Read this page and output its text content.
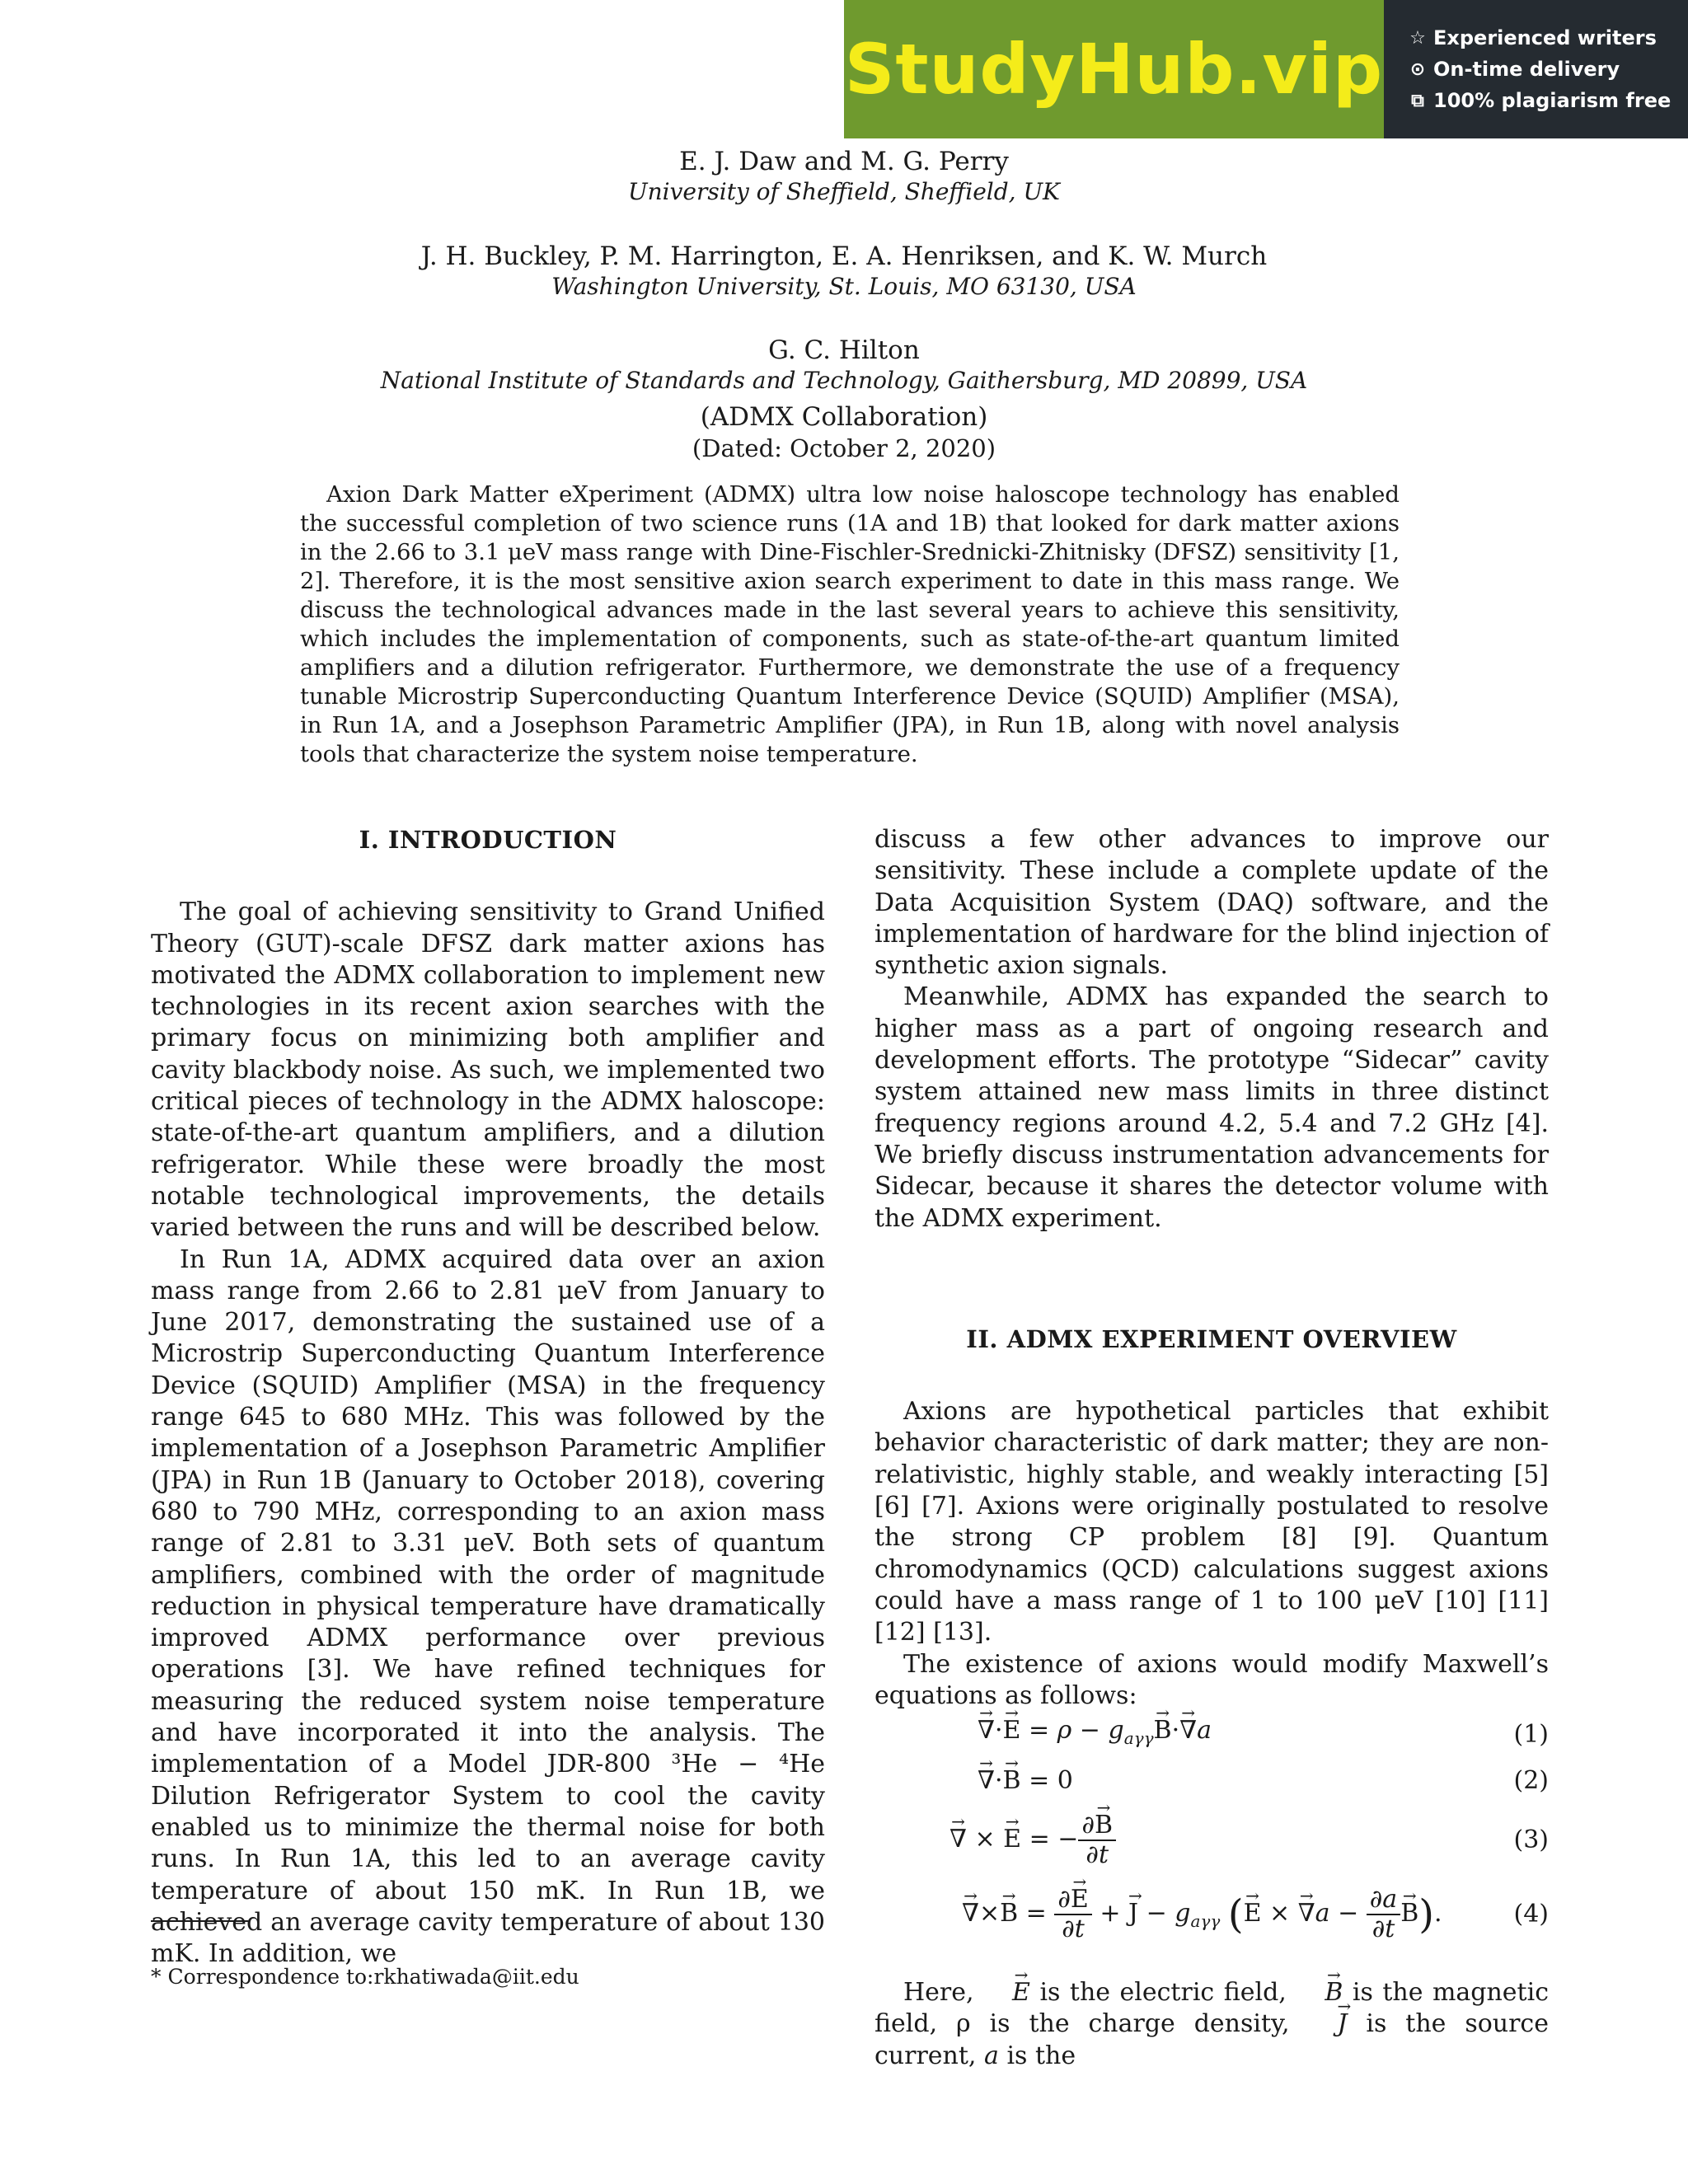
StudyHub.vip ☆ Experienced writers
⊙ On-time delivery
⧉ 100% plagiarism free
E. J. Daw and M. G. Perry
University of Sheffield, Sheffield, UK
J. H. Buckley, P. M. Harrington, E. A. Henriksen, and K. W. Murch
Washington University, St. Louis, MO 63130, USA
G. C. Hilton
National Institute of Standards and Technology, Gaithersburg, MD 20899, USA
(ADMX Collaboration)
(Dated: October 2, 2020)

Axion Dark Matter eXperiment (ADMX) ultra low noise haloscope technology has enabled the successful completion of two science runs (1A and 1B) that looked for dark matter axions in the 2.66 to 3.1 μeV mass range with Dine-Fischler-Srednicki-Zhitnisky (DFSZ) sensitivity [1, 2]. Therefore, it is the most sensitive axion search experiment to date in this mass range. We discuss the technological advances made in the last several years to achieve this sensitivity, which includes the implementation of components, such as state-of-the-art quantum limited amplifiers and a dilution refrigerator. Furthermore, we demonstrate the use of a frequency tunable Microstrip Superconducting Quantum Interference Device (SQUID) Amplifier (MSA), in Run 1A, and a Josephson Parametric Amplifier (JPA), in Run 1B, along with novel analysis tools that characterize the system noise temperature.

I. INTRODUCTION

The goal of achieving sensitivity to Grand Unified Theory (GUT)-scale DFSZ dark matter axions has motivated the ADMX collaboration to implement new technologies in its recent axion searches with the primary focus on minimizing both amplifier and cavity blackbody noise. As such, we implemented two critical pieces of technology in the ADMX haloscope: state-of-the-art quantum amplifiers, and a dilution refrigerator. While these were broadly the most notable technological improvements, the details varied between the runs and will be described below.

In Run 1A, ADMX acquired data over an axion mass range from 2.66 to 2.81 μeV from January to June 2017, demonstrating the sustained use of a Microstrip Superconducting Quantum Interference Device (SQUID) Amplifier (MSA) in the frequency range 645 to 680 MHz. This was followed by the implementation of a Josephson Parametric Amplifier (JPA) in Run 1B (January to October 2018), covering 680 to 790 MHz, corresponding to an axion mass range of 2.81 to 3.31 μeV. Both sets of quantum amplifiers, combined with the order of magnitude reduction in physical temperature have dramatically improved ADMX performance over previous operations [3]. We have refined techniques for measuring the reduced system noise temperature and have incorporated it into the analysis. The implementation of a Model JDR-800 ³He − ⁴He Dilution Refrigerator System to cool the cavity enabled us to minimize the thermal noise for both runs. In Run 1A, this led to an average cavity temperature of about 150 mK. In Run 1B, we achieved an average cavity temperature of about 130 mK. In addition, we

discuss a few other advances to improve our sensitivity. These include a complete update of the Data Acquisition System (DAQ) software, and the implementation of hardware for the blind injection of synthetic axion signals.

Meanwhile, ADMX has expanded the search to higher mass as a part of ongoing research and development efforts. The prototype “Sidecar” cavity system attained new mass limits in three distinct frequency regions around 4.2, 5.4 and 7.2 GHz [4]. We briefly discuss instrumentation advancements for Sidecar, because it shares the detector volume with the ADMX experiment.

II. ADMX EXPERIMENT OVERVIEW

Axions are hypothetical particles that exhibit behavior characteristic of dark matter; they are non-relativistic, highly stable, and weakly interacting [5] [6] [7]. Axions were originally postulated to resolve the strong CP problem [8] [9]. Quantum chromodynamics (QCD) calculations suggest axions could have a mass range of 1 to 100 μeV [10] [11] [12] [13].

The existence of axions would modify Maxwell’s equations as follows:

→ ∇·→ $E = \rho - g_{a\gamma\gamma}\to B\cdot\to \nabla a$	(1)
→ ∇·→ B = 0	(2)
→ ∇ × → E = − $\frac{\partial\to B}{\partial t}$	(3)
→ ∇×→ $B = \frac{\partial\to E}{\partial t}$ + → $J - g_{a\gamma\gamma}$ (→ E × → $\nabla a - \frac{\partial a}{\partial t}$
→ B).	(4)

Here, → E is the electric field, → B is the magnetic field, ρ is the charge density, → J is the source current, a is the

* Correspondence to:rkhatiwada@iit.edu
